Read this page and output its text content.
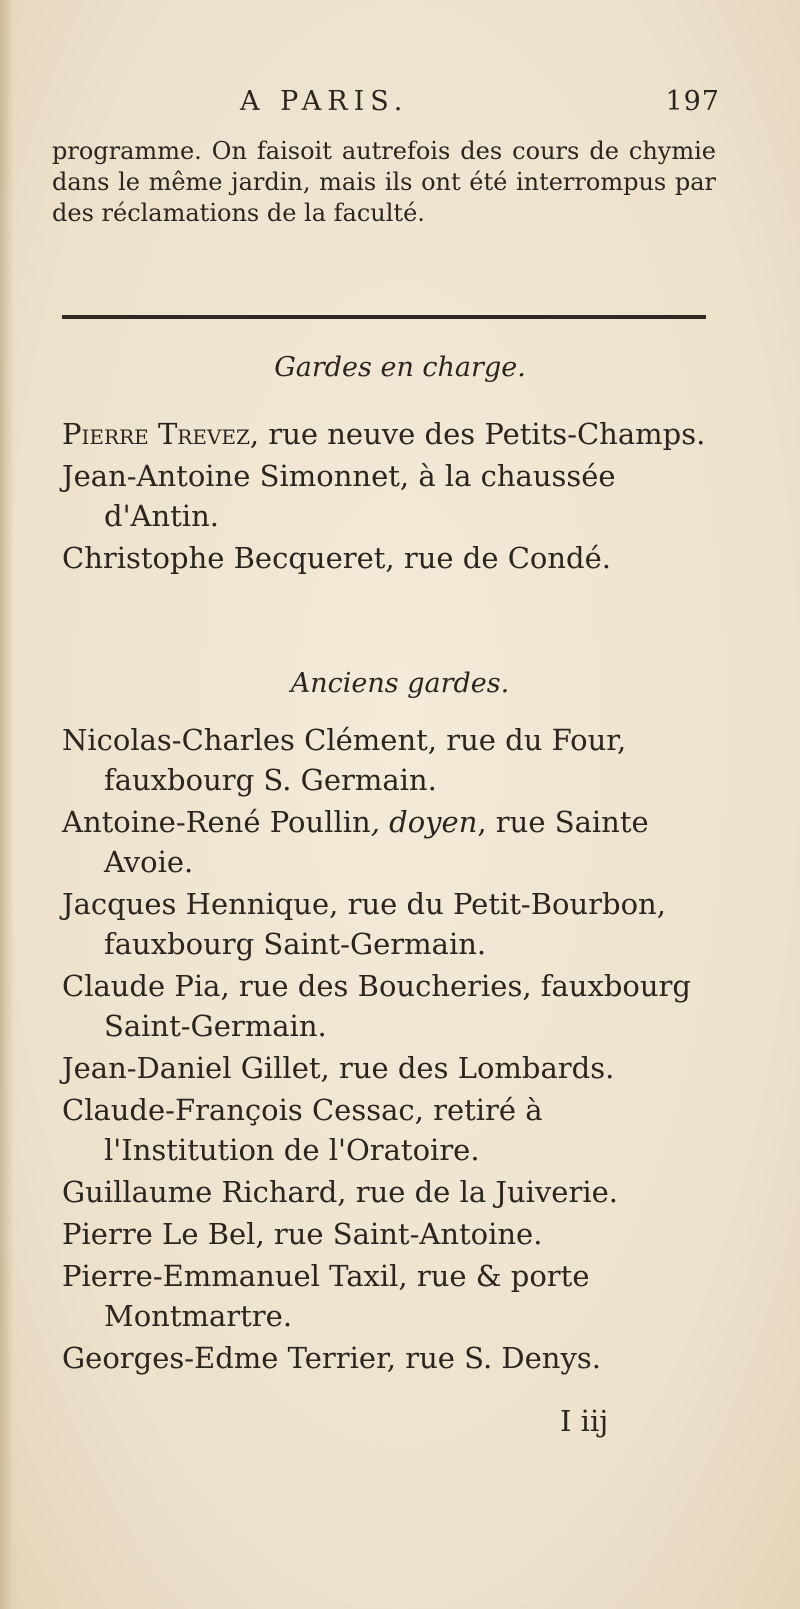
A PARIS.	197

programme. On faisoit autrefois des cours de chymie dans le même jardin, mais ils ont été interrompus par des réclamations de la faculté.

Gardes en charge.

Pierre Trevez, rue neuve des Petits-Champs.

Jean-Antoine Simonnet, à la chaussée d'Antin.

Christophe Becqueret, rue de Condé.

Anciens gardes.

Nicolas-Charles Clément, rue du Four, fauxbourg S. Germain.

Antoine-René Poullin, doyen, rue Sainte Avoie.

Jacques Hennique, rue du Petit-Bourbon, fauxbourg Saint-Germain.

Claude Pia, rue des Boucheries, fauxbourg Saint-Germain.

Jean-Daniel Gillet, rue des Lombards.

Claude-François Cessac, retiré à l'Institution de l'Oratoire.

Guillaume Richard, rue de la Juiverie.

Pierre Le Bel, rue Saint-Antoine.

Pierre-Emmanuel Taxil, rue & porte Montmartre.

Georges-Edme Terrier, rue S. Denys.

I iij
